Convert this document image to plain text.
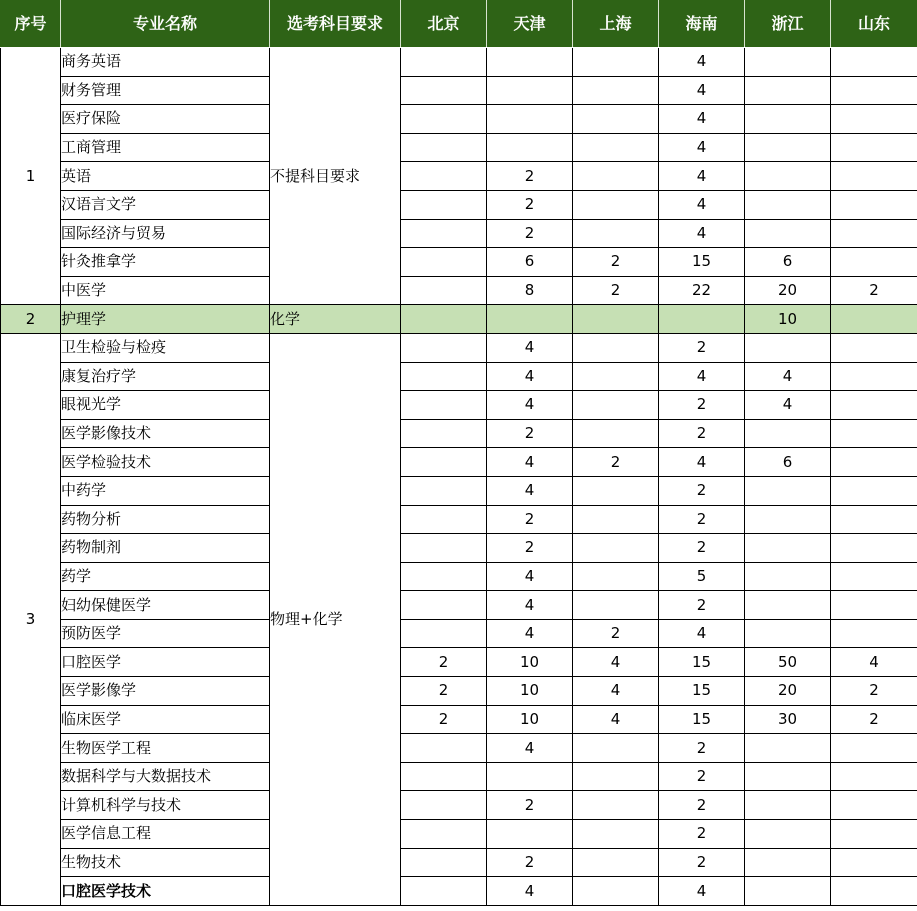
序号	专业名称	选考科目要求	北京	天津	上海	海南	浙江	山东
1	商务英语	不提科目要求				4		
	财务管理					4		
	医疗保险					4		
	工商管理					4		
	英语			2		4		
	汉语言文学			2		4		
	国际经济与贸易			2		4		
	针灸推拿学			6	2	15	6	
	中医学			8	2	22	20	2
2	护理学	化学					10	
3	卫生检验与检疫	物理+化学		4		2		
	康复治疗学			4		4	4	
	眼视光学			4		2	4	
	医学影像技术			2		2		
	医学检验技术			4	2	4	6	
	中药学			4		2		
	药物分析			2		2		
	药物制剂			2		2		
	药学			4		5		
	妇幼保健医学			4		2		
	预防医学			4	2	4		
	口腔医学		2	10	4	15	50	4
	医学影像学		2	10	4	15	20	2
	临床医学		2	10	4	15	30	2
	生物医学工程			4		2		
	数据科学与大数据技术					2		
	计算机科学与技术			2		2		
	医学信息工程					2		
	生物技术			2		2		
	口腔医学技术			4		4		
